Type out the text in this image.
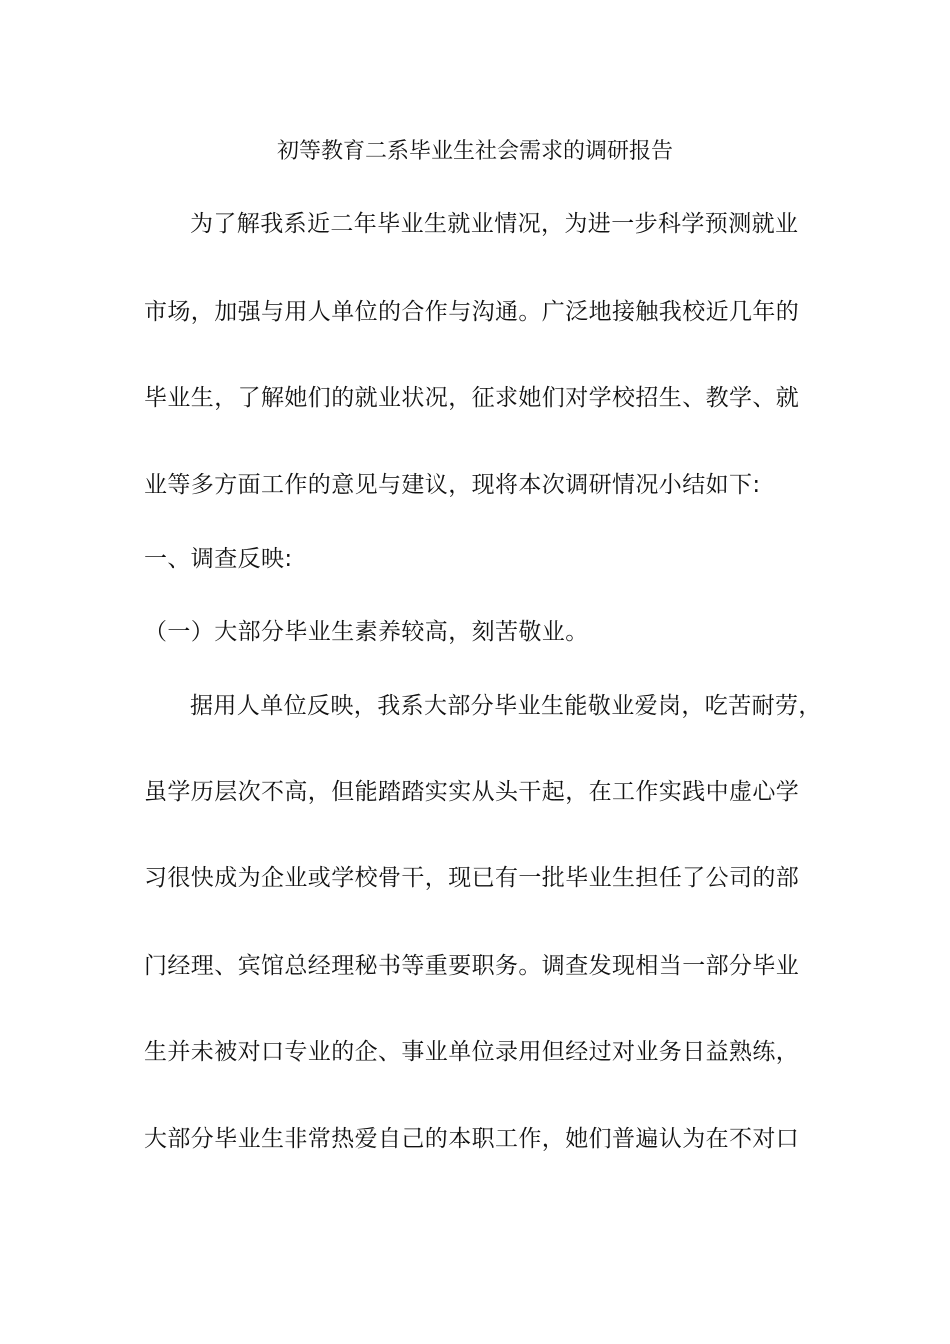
初等教育二系毕业生社会需求的调研报告
为了解我系近二年毕业生就业情况，为进一步科学预测就业
市场，加强与用人单位的合作与沟通。广泛地接触我校近几年的
毕业生，了解她们的就业状况，征求她们对学校招生、教学、就
业等多方面工作的意见与建议，现将本次调研情况小结如下:
一、调查反映:
（一）大部分毕业生素养较高，刻苦敬业。
据用人单位反映，我系大部分毕业生能敬业爱岗，吃苦耐劳，
虽学历层次不高，但能踏踏实实从头干起，在工作实践中虚心学
习很快成为企业或学校骨干，现已有一批毕业生担任了公司的部
门经理、宾馆总经理秘书等重要职务。调查发现相当一部分毕业
生并未被对口专业的企、事业单位录用但经过对业务日益熟练，
大部分毕业生非常热爱自己的本职工作，她们普遍认为在不对口
